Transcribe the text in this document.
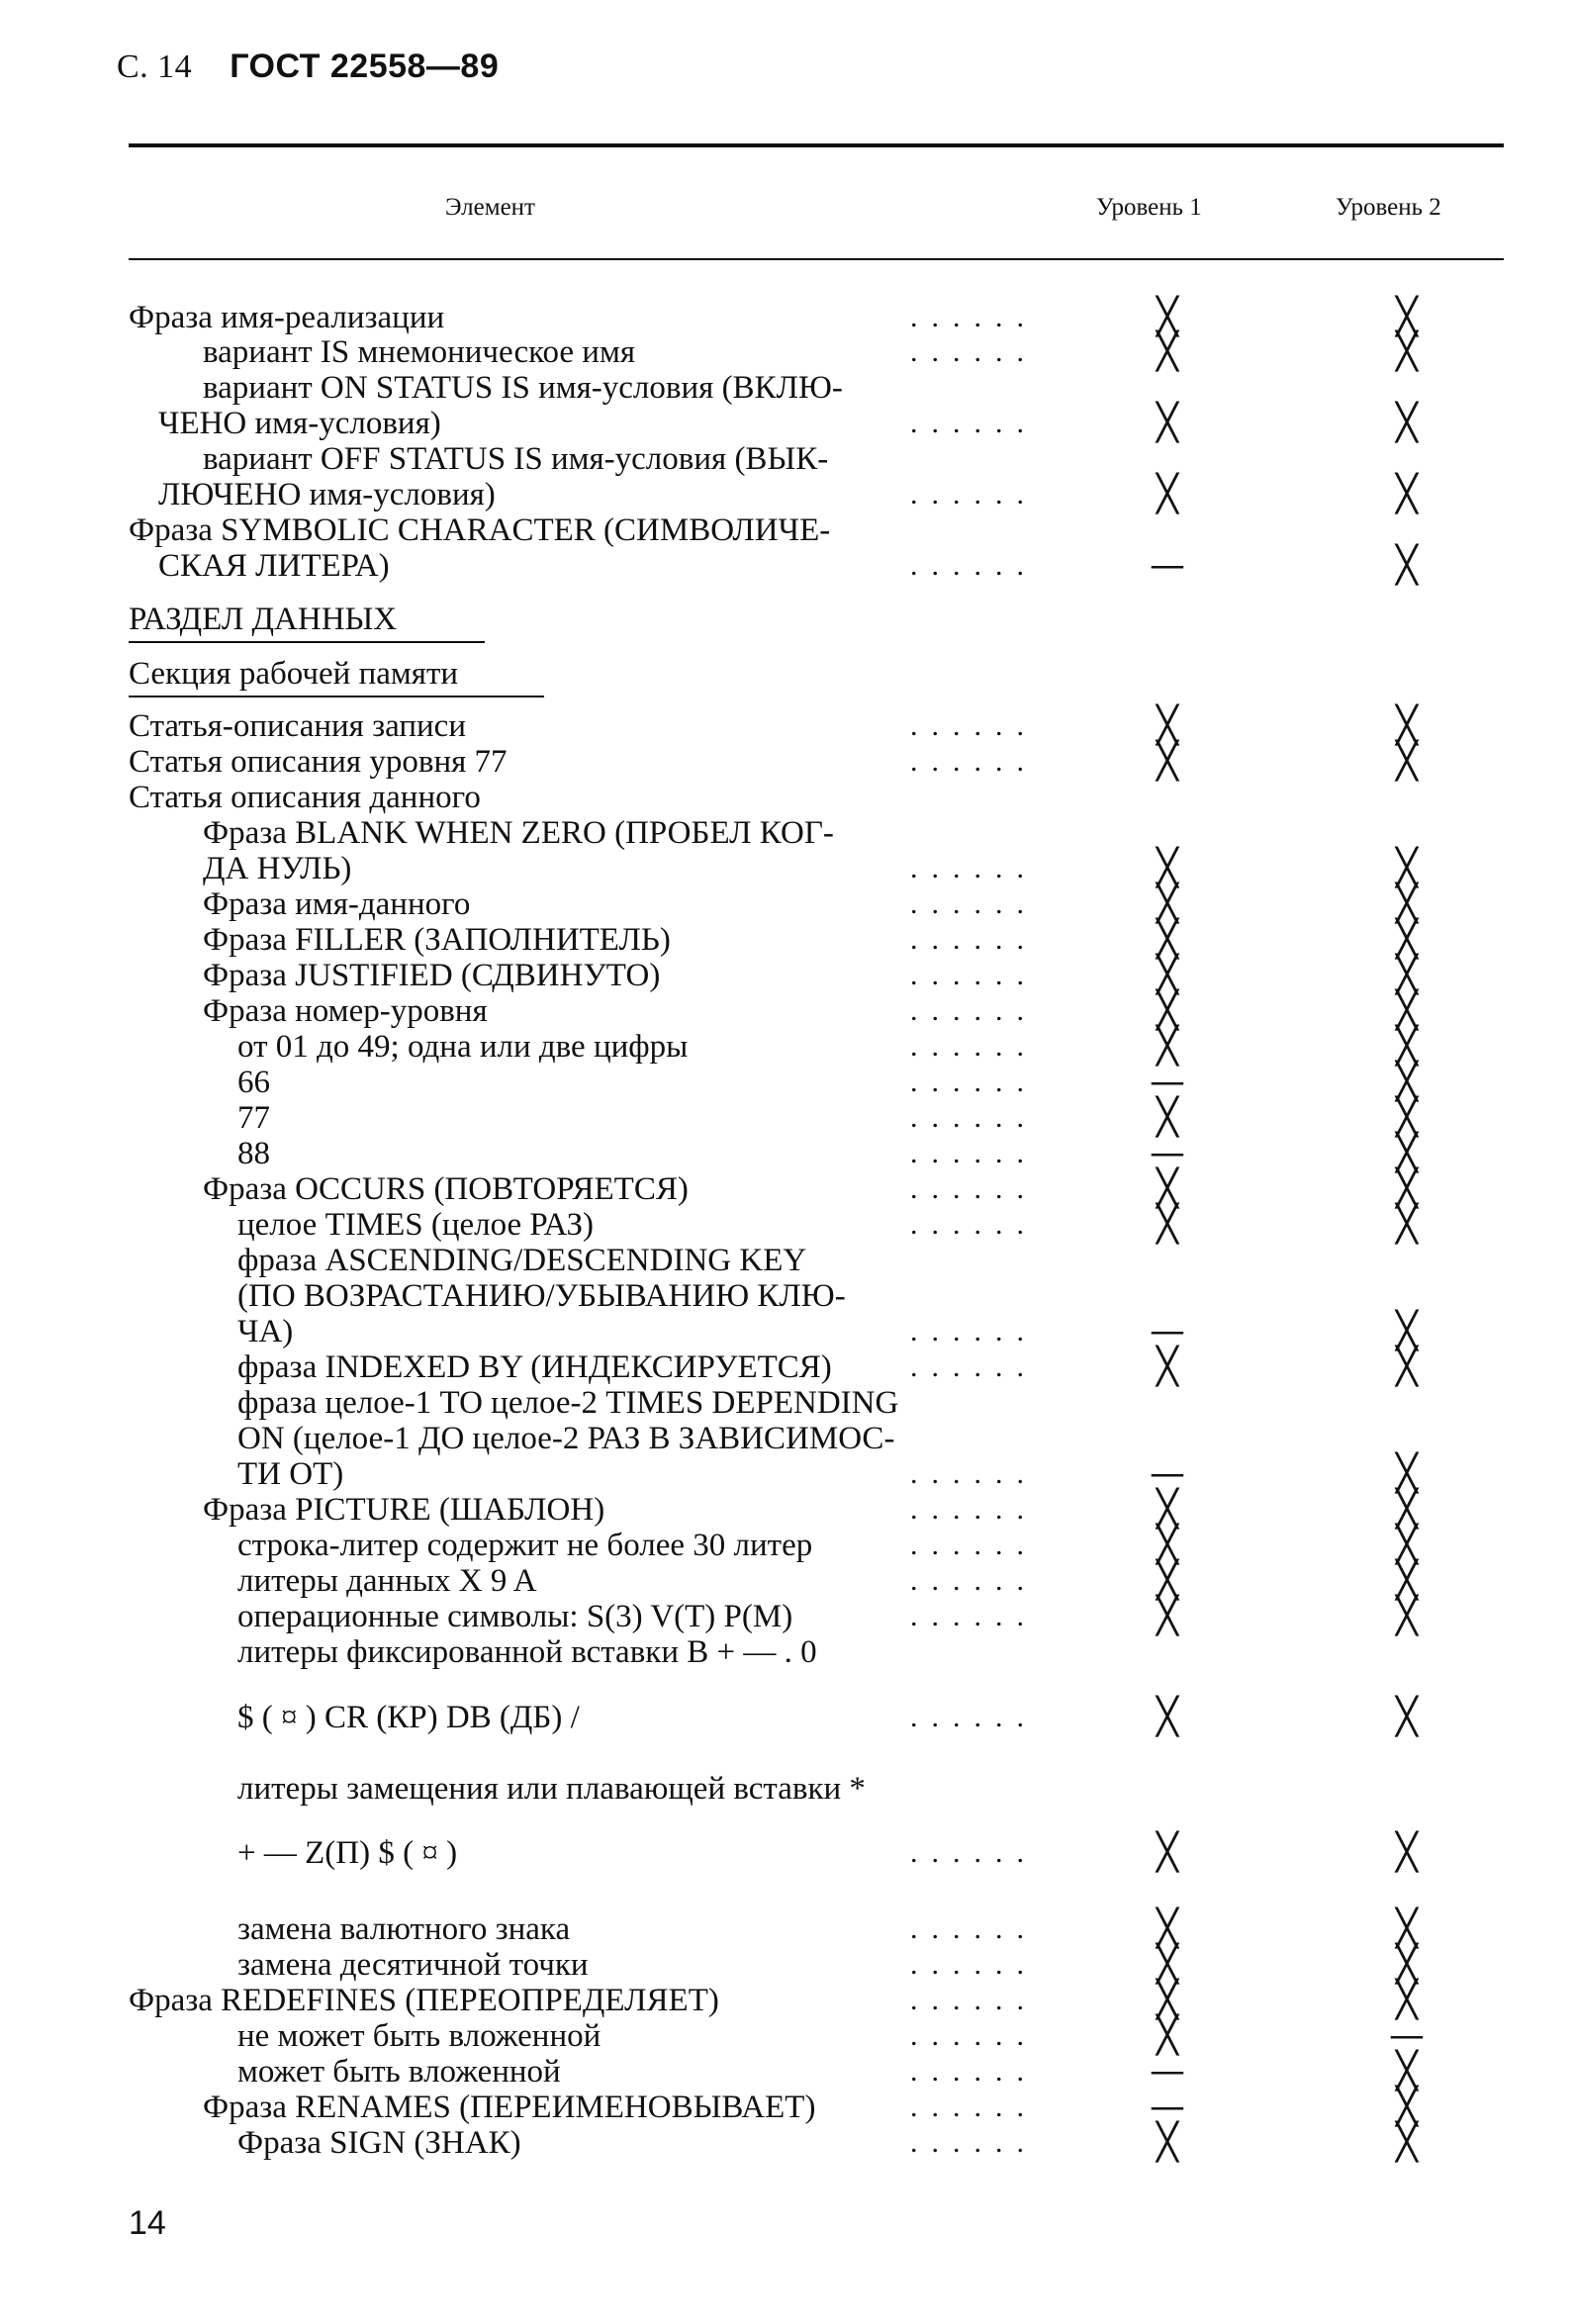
С. 14 ГОСТ 22558—89
Элемент	Уровень 1	Уровень 2
Фраза имя-реализации	......	╳	╳
вариант IS мнемоническое имя	......	╳	╳
вариант ON STATUS IS имя-условия (ВКЛЮ-
ЧЕНО имя-условия)	......	╳	╳
вариант OFF STATUS IS имя-условия (ВЫК-
ЛЮЧЕНО имя-условия)	......	╳	╳
Фраза SYMBOLIC CHARACTER (СИМВОЛИЧЕ-
СКАЯ ЛИТЕРА)	......	—	╳
РАЗДЕЛ ДАННЫХ
Секция рабочей памяти
Статья-описания записи	......	╳	╳
Статья описания уровня 77	......	╳	╳
Статья описания данного
Фраза BLANK WHEN ZERO (ПРОБЕЛ КОГ-
ДА НУЛЬ)	......	╳	╳
Фраза имя-данного	......	╳	╳
Фраза FILLER (ЗАПОЛНИТЕЛЬ)	......	╳	╳
Фраза JUSTIFIED (СДВИНУТО)	......	╳	╳
Фраза номер-уровня	......	╳	╳
от 01 до 49; одна или две цифры	......	╳	╳
66	......	—	╳
77	......	╳	╳
88	......	—	╳
Фраза OCCURS (ПОВТОРЯЕТСЯ)	......	╳	╳
целое TIMES (целое РАЗ)	......	╳	╳
фраза ASCENDING/DESCENDING KEY
(ПО ВОЗРАСТАНИЮ/УБЫВАНИЮ КЛЮ-
ЧА)	......	—	╳
фраза INDEXED BY (ИНДЕКСИРУЕТСЯ)	......	╳	╳
фраза целое-1 TO целое-2 TIMES DEPENDING
ON (целое-1 ДО целое-2 РАЗ В ЗАВИСИМОС-
ТИ ОТ)	......	—	╳
Фраза PICTURE (ШАБЛОН)	......	╳	╳
строка-литер содержит не более 30 литер	......	╳	╳
литеры данных X 9 A	......	╳	╳
операционные символы: S(3) V(T) P(M)	......	╳	╳
литеры фиксированной вставки B + — . 0
$ ( ¤ ) CR (КР) DB (ДБ) /	......	╳	╳
литеры замещения или плавающей вставки *
+ — Z(П) $ ( ¤ )	......	╳	╳
замена валютного знака	......	╳	╳
замена десятичной точки	......	╳	╳
Фраза REDEFINES (ПЕРЕОПРЕДЕЛЯЕТ)	......	╳	╳
не может быть вложенной	......	╳	—
может быть вложенной	......	—	╳
Фраза RENAMES (ПЕРЕИМЕНОВЫВАЕТ)	......	—	╳
Фраза SIGN (ЗНАК)	......	╳	╳
14
